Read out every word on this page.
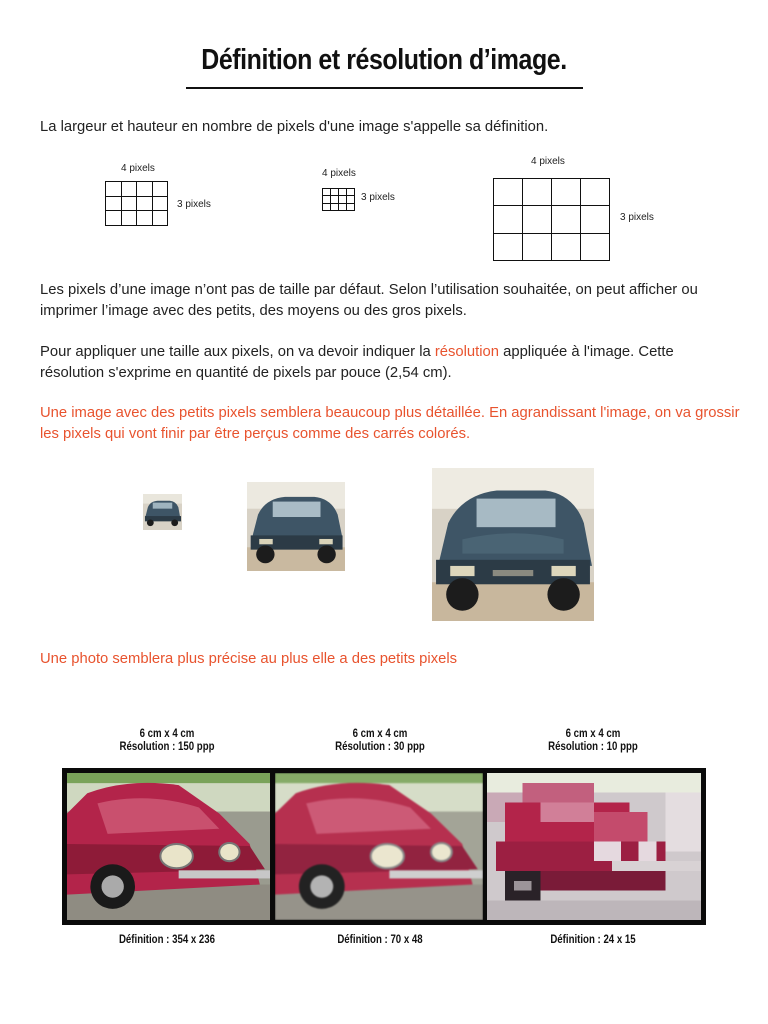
Définition et résolution d’image.
La largeur et hauteur en nombre de pixels d'une image s'appelle sa définition.
4 pixels
3 pixels
4 pixels
3 pixels
4 pixels
3 pixels
Les pixels d’une image n’ont pas de taille par défaut. Selon l’utilisation souhaitée, on peut afficher ou imprimer l’image avec des petits, des moyens ou des gros pixels.
Pour appliquer une taille aux pixels, on va devoir indiquer la résolution appliquée à l'image. Cette résolution s'exprime en quantité de pixels par pouce (2,54 cm).
Une image avec des petits pixels semblera beaucoup plus détaillée. En agrandissant l'image, on va grossir les pixels qui vont finir par être perçus comme des carrés colorés.
Une photo semblera plus précise au plus elle a des petits pixels
6 cm x 4 cm
Résolution : 150 ppp
6 cm x 4 cm
Résolution : 30 ppp
6 cm x 4 cm
Résolution : 10 ppp
Définition : 354 x 236	Définition : 70 x 48	Définition : 24 x 15
